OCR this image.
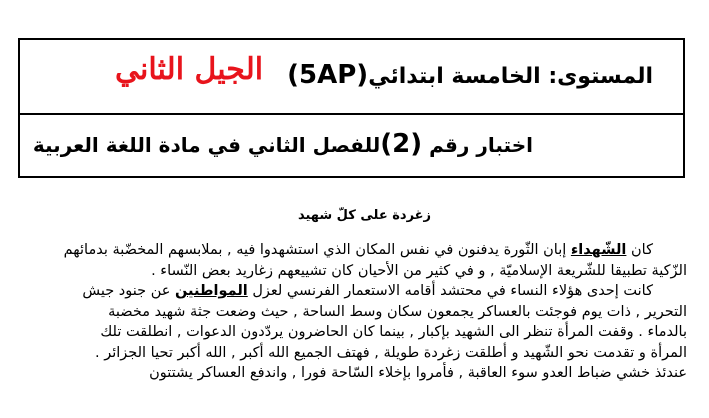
الجيل الثاني	المستوى: الخامسة ابتدائي(5AP)
اختبار رقم (2)للفصل الثاني في مادة اللغة العربية
زغردة على كلّ شهيد
كان الشّهداء إبان الثّورة يدفنون في نفس المكان الذي استشهدوا فيه , بملابسهم المخضّبة بدمائهم
الزّكية تطبيقا للشّريعة الإسلاميّة , و في كثير من الأحيان كان تشييعهم زغاريد بعض النّساء .
كانت إحدى هؤلاء النساء في محتشد أقامه الاستعمار الفرنسي لعزل المواطنين عن جنود جيش
التحرير , ذات يوم فوجئت بالعساكر يجمعون سكان وسط الساحة , حيث وضعت جثة شهيد مخضبة
بالدماء . وقفت المرأة تنظر الى الشهيد بإكبار , بينما كان الحاضرون يردّدون الدعوات , انطلقت تلك
المرأة و تقدمت نحو الشّهيد و أطلقت زغردة طويلة , فهتف الجميع الله أكبر , الله أكبر تحيا الجزائر .
عندئذ خشي ضباط العدو سوء العاقبة , فأمروا بإخلاء السّاحة فورا , واندفع العساكر يشتتون
